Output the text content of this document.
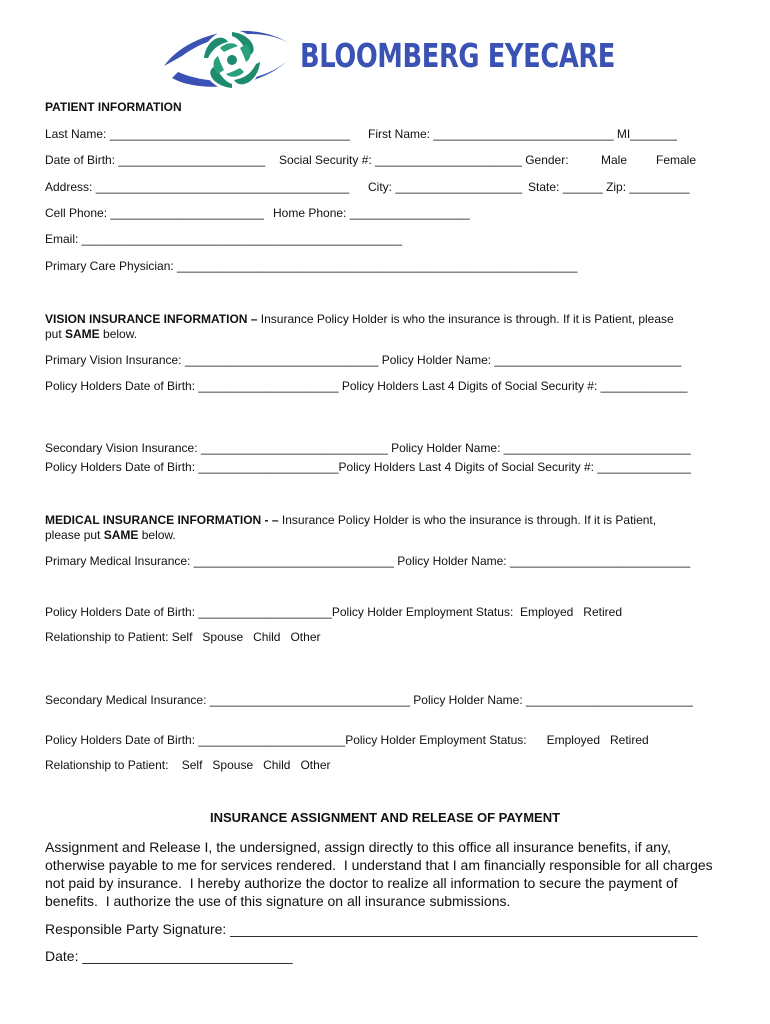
BLOOMBERG EYECARE

PATIENT INFORMATION
Last Name: ____________________________________ First Name: ___________________________ MI_______
Date of Birth: ______________________ Social Security #: ______________________ Gender:	Male Female
Address: ______________________________________ City: ___________________ State: ______ Zip: _________
Cell Phone: _______________________ Home Phone: __________________
Email: ________________________________________________
Primary Care Physician: ____________________________________________________________
VISION INSURANCE INFORMATION – Insurance Policy Holder is who the insurance is through. If it is Patient, please
put SAME below.
Primary Vision Insurance: _____________________________ Policy Holder Name: ____________________________
Policy Holders Date of Birth: _____________________ Policy Holders Last 4 Digits of Social Security #: _____________
Secondary Vision Insurance: ____________________________ Policy Holder Name: ____________________________
Policy Holders Date of Birth: _____________________Policy Holders Last 4 Digits of Social Security #: ______________
MEDICAL INSURANCE INFORMATION - – Insurance Policy Holder is who the insurance is through. If it is Patient,
please put SAME below.
Primary Medical Insurance: ______________________________ Policy Holder Name: ___________________________
Policy Holders Date of Birth: ____________________Policy Holder Employment Status:  Employed   Retired
Relationship to Patient: Self   Spouse   Child   Other
Secondary Medical Insurance: ______________________________ Policy Holder Name: _________________________
Policy Holders Date of Birth: ______________________Policy Holder Employment Status:      Employed   Retired
Relationship to Patient:    Self   Spouse   Child   Other
INSURANCE ASSIGNMENT AND RELEASE OF PAYMENT
Assignment and Release I, the undersigned, assign directly to this office all insurance benefits, if any,
otherwise payable to me for services rendered.  I understand that I am financially responsible for all charges
not paid by insurance.  I hereby authorize the doctor to realize all information to secure the payment of
benefits.  I authorize the use of this signature on all insurance submissions.
Responsible Party Signature: ____________________________________________________________
Date: ___________________________
